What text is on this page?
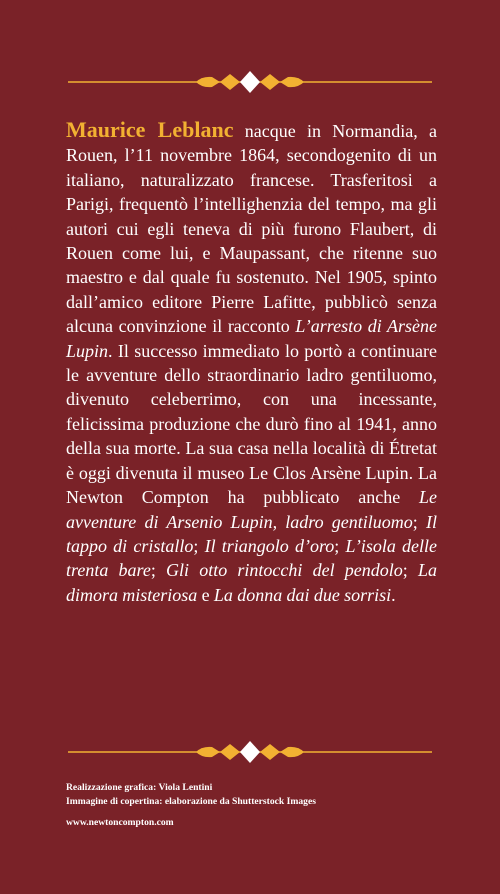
Maurice Leblanc nacque in Normandia, a Rouen, l’11 novembre 1864, secondogenito di un italiano, naturalizzato francese. Trasferitosi a Parigi, frequentò l’intellighenzia del tempo, ma gli autori cui egli teneva di più furono Flaubert, di Rouen come lui, e Maupassant, che ritenne suo maestro e dal quale fu sostenuto. Nel 1905, spinto dall’amico editore Pierre Lafitte, pubblicò senza alcuna convinzione il racconto L’arresto di Arsène Lupin. Il successo immediato lo portò a continuare le avventure dello straordinario ladro gentiluomo, divenuto celeberrimo, con una incessante, felicissima produzione che durò fino al 1941, anno della sua morte. La sua casa nella località di Étretat è oggi divenuta il museo Le Clos Arsène Lupin. La Newton Compton ha pubblicato anche Le avventure di Arsenio Lupin, ladro gentiluomo; Il tappo di cristallo; Il triangolo d’oro; L’isola delle trenta bare; Gli otto rintocchi del pendolo; La dimora misteriosa e La donna dai due sorrisi.
Realizzazione grafica: Viola Lentini
Immagine di copertina: elaborazione da Shutterstock Images
www.newtoncompton.com
